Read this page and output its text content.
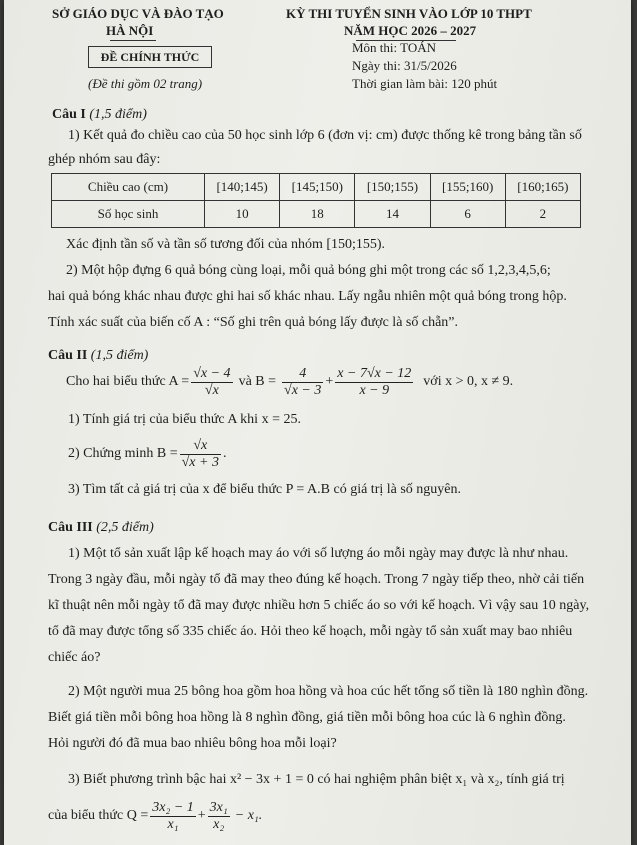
SỞ GIÁO DỤC VÀ ĐÀO TẠO
HÀ NỘI
ĐỀ CHÍNH THỨC
(Đề thi gồm 02 trang)
KỲ THI TUYỂN SINH VÀO LỚP 10 THPT
NĂM HỌC 2026 – 2027
Môn thi: TOÁN
Ngày thi: 31/5/2026
Thời gian làm bài: 120 phút
Câu I (1,5 điểm)
1) Kết quả đo chiều cao của 50 học sinh lớp 6 (đơn vị: cm) được thống kê trong bảng tần số
ghép nhóm sau đây:
Chiều cao (cm)	[140;145)	[145;150)	[150;155)	[155;160)	[160;165)
Số học sinh	10	18	14	6	2
Xác định tần số và tần số tương đối của nhóm [150;155).
2) Một hộp đựng 6 quả bóng cùng loại, mỗi quả bóng ghi một trong các số 1,2,3,4,5,6;
hai quả bóng khác nhau được ghi hai số khác nhau. Lấy ngẫu nhiên một quả bóng trong hộp.
Tính xác suất của biến cố A : “Số ghi trên quả bóng lấy được là số chẵn”.
Câu II (1,5 điểm)
Cho hai biểu thức $A = \frac{√x - 4}{√x}$ và $B = \frac{4}{√x - 3} + \frac{x - 7√x - 12}{x - 9}$ với x > 0, x ≠ 9.
1) Tính giá trị của biểu thức A khi x = 25.
2) Chứng minh $B = \frac{√x}{√x + 3}$ .
3) Tìm tất cả giá trị của x để biểu thức P = A.B có giá trị là số nguyên.
Câu III (2,5 điểm)
1) Một tổ sản xuất lập kế hoạch may áo với số lượng áo mỗi ngày may được là như nhau.
Trong 3 ngày đầu, mỗi ngày tổ đã may theo đúng kế hoạch. Trong 7 ngày tiếp theo, nhờ cải tiến
kĩ thuật nên mỗi ngày tổ đã may được nhiều hơn 5 chiếc áo so với kế hoạch. Vì vậy sau 10 ngày,
tổ đã may được tổng số 335 chiếc áo. Hỏi theo kế hoạch, mỗi ngày tổ sản xuất may bao nhiêu
chiếc áo?
2) Một người mua 25 bông hoa gồm hoa hồng và hoa cúc hết tổng số tiền là 180 nghìn đồng.
Biết giá tiền mỗi bông hoa hồng là 8 nghìn đồng, giá tiền mỗi bông hoa cúc là 6 nghìn đồng.
Hỏi người đó đã mua bao nhiêu bông hoa mỗi loại?
3) Biết phương trình bậc hai x² − 3x + 1 = 0 có hai nghiệm phân biệt x₁ và x₂, tính giá trị
của biểu thức $Q = \frac{\text{3x₂ − 1}}{\text{x₁}} + \frac{\text{3x₁}}{\text{x₂}} - x_1$.
